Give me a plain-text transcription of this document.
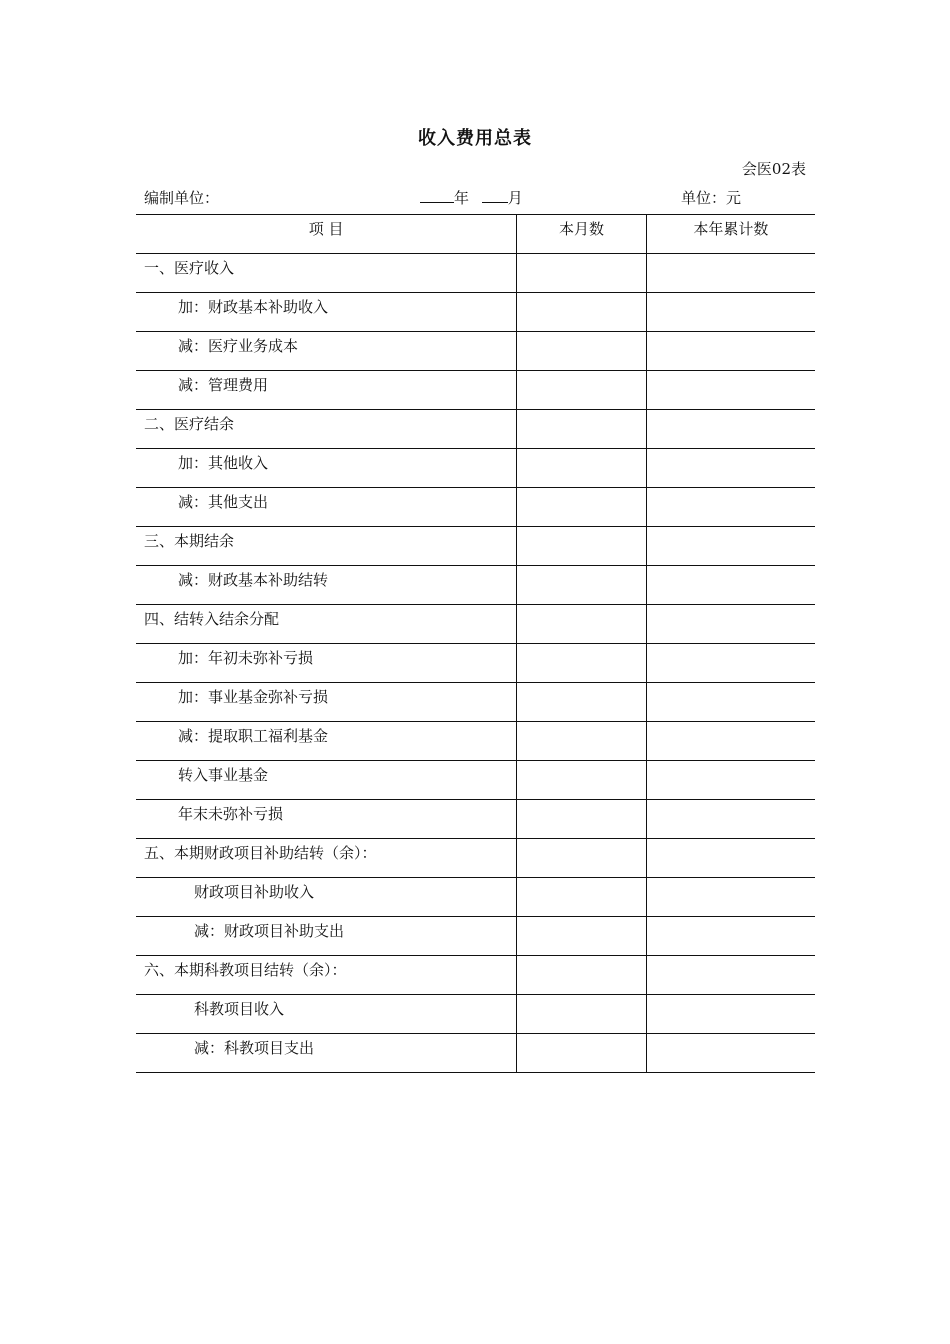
收入费用总表
会医02表
编制单位：	年	月	单位：元
项 目	本月数	本年累计数

一、医疗收入		

加：财政基本补助收入		

减：医疗业务成本		

减：管理费用		

二、医疗结余		

加：其他收入		

减：其他支出		

三、本期结余		

减：财政基本补助结转		

四、结转入结余分配		

加：年初未弥补亏损		

加：事业基金弥补亏损		

减：提取职工福利基金		

转入事业基金		

年末未弥补亏损		

五、本期财政项目补助结转（余）：		

财政项目补助收入		

减：财政项目补助支出		

六、本期科教项目结转（余）：		

科教项目收入		

减：科教项目支出		
